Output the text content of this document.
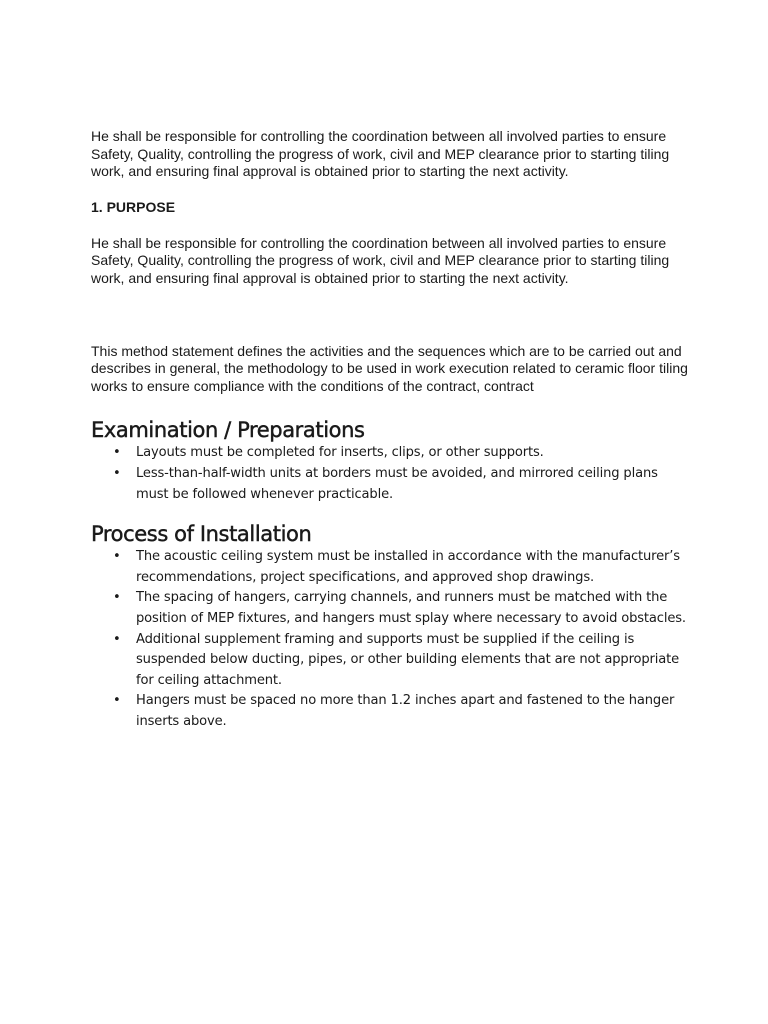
He shall be responsible for controlling the coordination between all involved parties to ensure Safety, Quality, controlling the progress of work, civil and MEP clearance prior to starting tiling work, and ensuring final approval is obtained prior to starting the next activity.

1. PURPOSE

He shall be responsible for controlling the coordination between all involved parties to ensure Safety, Quality, controlling the progress of work, civil and MEP clearance prior to starting tiling work, and ensuring final approval is obtained prior to starting the next activity.

This method statement defines the activities and the sequences which are to be carried out and describes in general, the methodology to be used in work execution related to ceramic floor tiling works to ensure compliance with the conditions of the contract, contract

Examination / Preparations
• Layouts must be completed for inserts, clips, or other supports.
• Less-than-half-width units at borders must be avoided, and mirrored ceiling plans must be followed whenever practicable.
Process of Installation
• The acoustic ceiling system must be installed in accordance with the manufacturer’s recommendations, project specifications, and approved shop drawings.
• The spacing of hangers, carrying channels, and runners must be matched with the position of MEP fixtures, and hangers must splay where necessary to avoid obstacles.
• Additional supplement framing and supports must be supplied if the ceiling is suspended below ducting, pipes, or other building elements that are not appropriate for ceiling attachment.
• Hangers must be spaced no more than 1.2 inches apart and fastened to the hanger inserts above.
